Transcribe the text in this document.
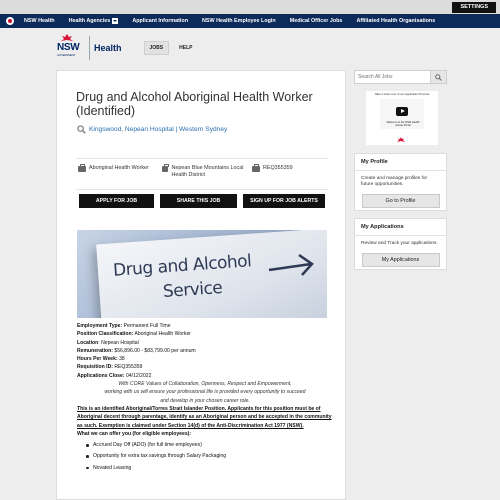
SETTINGS
NSW Health	Health Agencies	Applicant Information	NSW Health Employee Login	Medical Officer Jobs	Affiliated Health Organisations
NSW
GOVERNMENT
Health	JOBS	HELP
Drug and Alcohol Aboriginal Health Worker (Identified)
Kingswood, Nepean Hospital | Western Sydney
Aboriginal Health Worker	Nepean Blue Mountains Local Health District
REQ355359
APPLY FOR JOB	SHARE THIS JOB	SIGN UP FOR JOB ALERTS
Drug and Alcohol
Service
Employment Type: Permanent Full Time
Position Classification: Aboriginal Health Worker
Location: Nepean Hospital
Remuneration: $56,896.00 - $83,799.00 per annum
Hours Per Week: 38
Requisition ID: REQ355359
Applications Close: 04/12/2022
With CORE Values of Collaboration, Openness, Respect and Empowerment,
working with us will ensure your professional life is provided every opportunity to succeed
and develop in your chosen career role.
This is an identified Aboriginal/Torres Strait Islander Position. Applicants for this position must be of Aboriginal decent through parentage, identify as an Aboriginal person and be accepted in the community as such. Exemption is claimed under Section 14(d) of the Anti-Discrimination Act 1977 (NSW).
What we can offer you (for eligible employees):
Accrued Day Off (ADO) (for full time employees)
Opportunity for extra tax savings through Salary Packaging
Novated Leasing
Search All Jobs
Take a Video tour of our Application Process
Welcome to the NSW Health Career Portal
My Profile
Create and manage profiles for future opportunities.
Go to Profile
My Applications
Review and Track your applications.
My Applications
